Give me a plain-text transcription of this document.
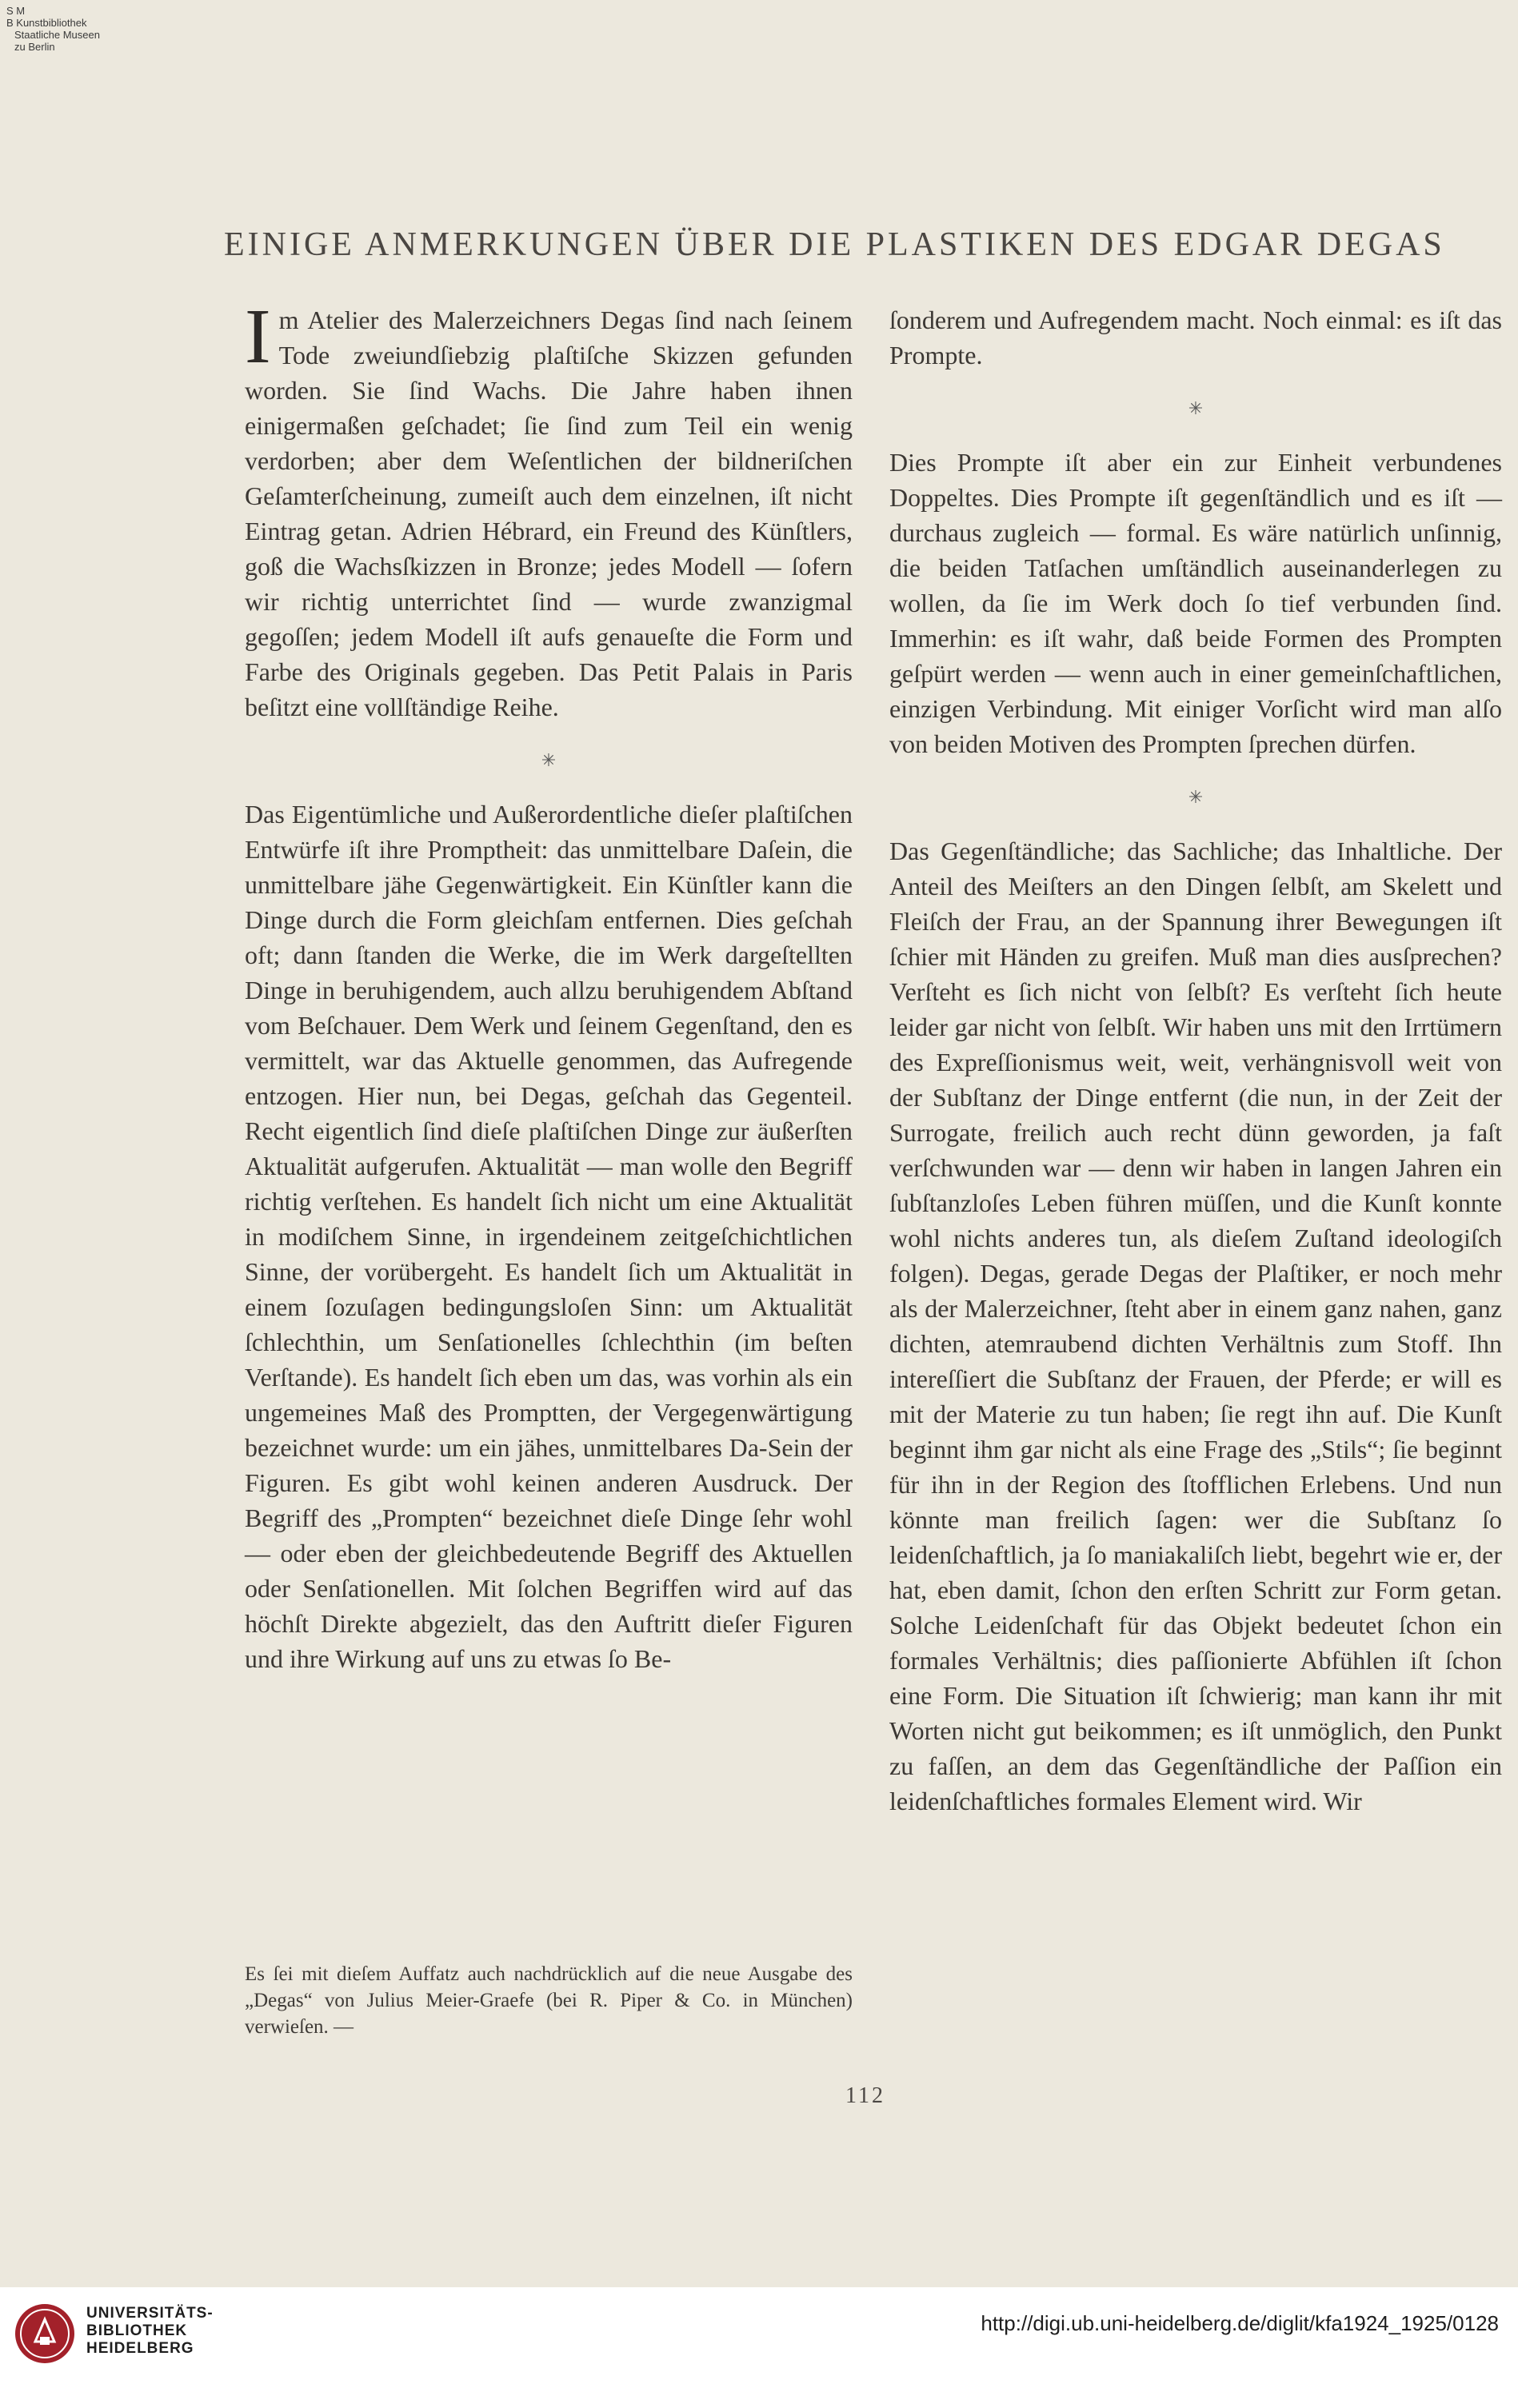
S M
B Kunstbibliothek
Staatliche Museen
zu Berlin
EINIGE ANMERKUNGEN ÜBER DIE PLASTIKEN DES EDGAR DEGAS

Im Atelier des Malerzeichners Degas ſind nach ſeinem Tode zweiundſiebzig plaſtiſche Skizzen gefunden worden. Sie ſind Wachs. Die Jahre haben ihnen einigermaßen geſchadet; ſie ſind zum Teil ein wenig verdorben; aber dem Weſentlichen der bildneriſchen Geſamterſcheinung, zumeiſt auch dem einzelnen, iſt nicht Eintrag getan. Adrien Hébrard, ein Freund des Künſtlers, goß die Wachsſkizzen in Bronze; jedes Modell — ſofern wir richtig unterrichtet ſind — wurde zwanzigmal gegoſſen; jedem Modell iſt aufs genaueſte die Form und Farbe des Originals gegeben. Das Petit Palais in Paris beſitzt eine vollſtändige Reihe.

✳

Das Eigentümliche und Außerordentliche dieſer plaſtiſchen Entwürfe iſt ihre Promptheit: das unmittelbare Daſein, die unmittelbare jähe Gegenwärtigkeit. Ein Künſtler kann die Dinge durch die Form gleichſam entfernen. Dies geſchah oft; dann ſtanden die Werke, die im Werk dargeſtellten Dinge in beruhigendem, auch allzu beruhigendem Abſtand vom Beſchauer. Dem Werk und ſeinem Gegenſtand, den es vermittelt, war das Aktuelle genommen, das Aufregende entzogen. Hier nun, bei Degas, geſchah das Gegenteil. Recht eigentlich ſind dieſe plaſtiſchen Dinge zur äußerſten Aktualität aufgerufen. Aktualität — man wolle den Begriff richtig verſtehen. Es handelt ſich nicht um eine Aktualität in modiſchem Sinne, in irgendeinem zeitgeſchichtlichen Sinne, der vorübergeht. Es handelt ſich um Aktualität in einem ſozuſagen bedingungsloſen Sinn: um Aktualität ſchlechthin, um Senſationelles ſchlechthin (im beſten Verſtande). Es handelt ſich eben um das, was vorhin als ein ungemeines Maß des Promptten, der Vergegenwärtigung bezeichnet wurde: um ein jähes, unmittelbares Da-Sein der Figuren. Es gibt wohl keinen anderen Ausdruck. Der Begriff des „Prompten“ bezeichnet dieſe Dinge ſehr wohl — oder eben der gleichbedeutende Begriff des Aktuellen oder Senſationellen. Mit ſolchen Begriffen wird auf das höchſt Direkte abgezielt, das den Auftritt dieſer Figuren und ihre Wirkung auf uns zu etwas ſo Be-

Es ſei mit dieſem Auffatz auch nachdrücklich auf die neue Ausgabe des „Degas“ von Julius Meier-Graefe (bei R. Piper & Co. in München) verwieſen. —

ſonderem und Aufregendem macht. Noch einmal: es iſt das Prompte.

✳

Dies Prompte iſt aber ein zur Einheit verbundenes Doppeltes. Dies Prompte iſt gegenſtändlich und es iſt — durchaus zugleich — formal. Es wäre natürlich unſinnig, die beiden Tatſachen umſtändlich auseinanderlegen zu wollen, da ſie im Werk doch ſo tief verbunden ſind. Immerhin: es iſt wahr, daß beide Formen des Prompten geſpürt werden — wenn auch in einer gemeinſchaftlichen, einzigen Verbindung. Mit einiger Vorſicht wird man alſo von beiden Motiven des Prompten ſprechen dürfen.

✳

Das Gegenſtändliche; das Sachliche; das Inhaltliche. Der Anteil des Meiſters an den Dingen ſelbſt, am Skelett und Fleiſch der Frau, an der Spannung ihrer Bewegungen iſt ſchier mit Händen zu greifen. Muß man dies ausſprechen? Verſteht es ſich nicht von ſelbſt? Es verſteht ſich heute leider gar nicht von ſelbſt. Wir haben uns mit den Irrtümern des Expreſſionismus weit, weit, verhängnisvoll weit von der Subſtanz der Dinge entfernt (die nun, in der Zeit der Surrogate, freilich auch recht dünn geworden, ja faſt verſchwunden war — denn wir haben in langen Jahren ein ſubſtanzloſes Leben führen müſſen, und die Kunſt konnte wohl nichts anderes tun, als dieſem Zuſtand ideologiſch folgen). Degas, gerade Degas der Plaſtiker, er noch mehr als der Malerzeichner, ſteht aber in einem ganz nahen, ganz dichten, atemraubend dichten Verhältnis zum Stoff. Ihn intereſſiert die Subſtanz der Frauen, der Pferde; er will es mit der Materie zu tun haben; ſie regt ihn auf. Die Kunſt beginnt ihm gar nicht als eine Frage des „Stils“; ſie beginnt für ihn in der Region des ſtofflichen Erlebens. Und nun könnte man freilich ſagen: wer die Subſtanz ſo leidenſchaftlich, ja ſo maniakaliſch liebt, begehrt wie er, der hat, eben damit, ſchon den erſten Schritt zur Form getan. Solche Leidenſchaft für das Objekt bedeutet ſchon ein formales Verhältnis; dies paſſionierte Abfühlen iſt ſchon eine Form. Die Situation iſt ſchwierig; man kann ihr mit Worten nicht gut beikommen; es iſt unmöglich, den Punkt zu faſſen, an dem das Gegenſtändliche der Paſſion ein leidenſchaftliches formales Element wird. Wir

112
UNIVERSITÄTS-
BIBLIOTHEK
HEIDELBERG
http://digi.ub.uni-heidelberg.de/diglit/kfa1924_1925/0128
